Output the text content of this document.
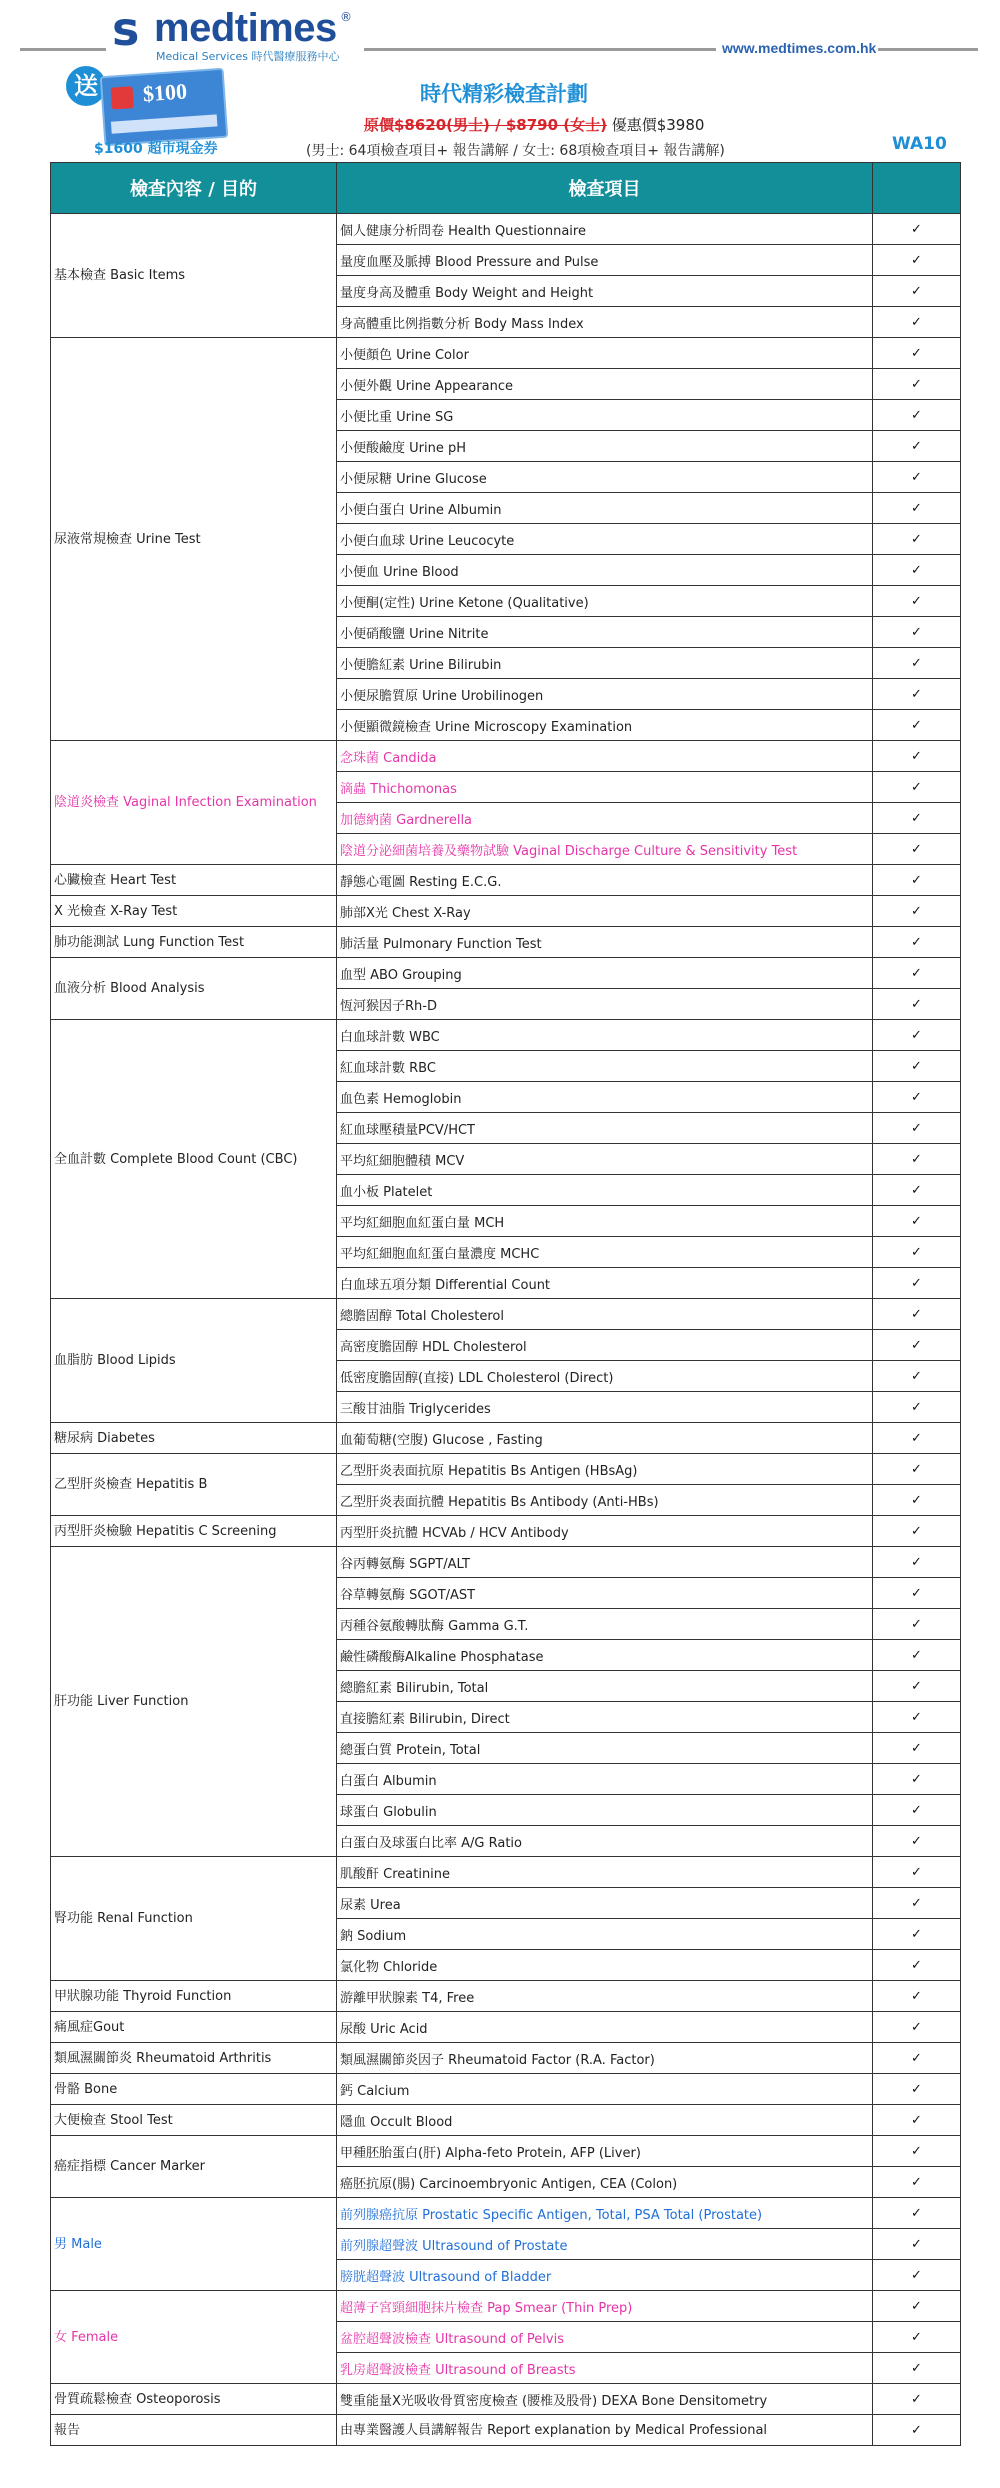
s medtimes ®
Medical Services 時代醫療服務中心
www.medtimes.com.hk
送	$100
$1600 超市現金券
時代精彩檢查計劃
原價$8620(男士) / $8790 (女士) 優惠價$3980
(男士: 64項檢查項目+ 報告講解 / 女士: 68項檢查項目+ 報告講解)	WA10
檢查內容 / 目的	檢查項目	
基本檢查 Basic Items	個人健康分析問卷 Health Questionnaire	✓
	量度血壓及脈搏 Blood Pressure and Pulse	✓
	量度身高及體重 Body Weight and Height	✓
	身高體重比例指數分析 Body Mass Index	✓
尿液常規檢查 Urine Test	小便顏色 Urine Color	✓
	小便外觀 Urine Appearance	✓
	小便比重 Urine SG	✓
	小便酸鹼度 Urine pH	✓
	小便尿糖 Urine Glucose	✓
	小便白蛋白 Urine Albumin	✓
	小便白血球 Urine Leucocyte	✓
	小便血 Urine Blood	✓
	小便酮(定性) Urine Ketone (Qualitative)	✓
	小便硝酸鹽 Urine Nitrite	✓
	小便膽紅素 Urine Bilirubin	✓
	小便尿膽質原 Urine Urobilinogen	✓
	小便顯微鏡檢查 Urine Microscopy Examination	✓
陰道炎檢查 Vaginal Infection Examination	念珠菌 Candida	✓
	滴蟲 Thichomonas	✓
	加德納菌 Gardnerella	✓
	陰道分泌細菌培養及藥物試驗 Vaginal Discharge Culture & Sensitivity Test	✓
心臟檢查 Heart Test	靜態心電圖 Resting E.C.G.	✓
X 光檢查 X-Ray Test	肺部X光 Chest X-Ray	✓
肺功能測試 Lung Function Test	肺活量 Pulmonary Function Test	✓
血液分析 Blood Analysis	血型 ABO Grouping	✓
	恆河猴因子Rh-D	✓
全血計數 Complete Blood Count (CBC)	白血球計數 WBC	✓
	紅血球計數 RBC	✓
	血色素 Hemoglobin	✓
	紅血球壓積量PCV/HCT	✓
	平均紅細胞體積 MCV	✓
	血小板 Platelet	✓
	平均紅細胞血紅蛋白量 MCH	✓
	平均紅細胞血紅蛋白量濃度 MCHC	✓
	白血球五項分類 Differential Count	✓
血脂肪 Blood Lipids	總膽固醇 Total Cholesterol	✓
	高密度膽固醇 HDL Cholesterol	✓
	低密度膽固醇(直接) LDL Cholesterol (Direct)	✓
	三酸甘油脂 Triglycerides	✓
糖尿病 Diabetes	血葡萄糖(空腹) Glucose , Fasting	✓
乙型肝炎檢查 Hepatitis B	乙型肝炎表面抗原 Hepatitis Bs Antigen (HBsAg)	✓
	乙型肝炎表面抗體 Hepatitis Bs Antibody (Anti-HBs)	✓
丙型肝炎檢驗 Hepatitis C Screening	丙型肝炎抗體 HCVAb / HCV Antibody	✓
肝功能 Liver Function	谷丙轉氨酶 SGPT/ALT	✓
	谷草轉氨酶 SGOT/AST	✓
	丙種谷氨酸轉肽酶 Gamma G.T.	✓
	鹼性磷酸酶Alkaline Phosphatase	✓
	總膽紅素 Bilirubin, Total	✓
	直接膽紅素 Bilirubin, Direct	✓
	總蛋白質 Protein, Total	✓
	白蛋白 Albumin	✓
	球蛋白 Globulin	✓
	白蛋白及球蛋白比率 A/G Ratio	✓
腎功能 Renal Function	肌酸酐 Creatinine	✓
	尿素 Urea	✓
	鈉 Sodium	✓
	氯化物 Chloride	✓
甲狀腺功能 Thyroid Function	游離甲狀腺素 T4, Free	✓
痛風症Gout	尿酸 Uric Acid	✓
類風濕關節炎 Rheumatoid Arthritis	類風濕關節炎因子 Rheumatoid Factor (R.A. Factor)	✓
骨骼 Bone	鈣 Calcium	✓
大便檢查 Stool Test	隱血 Occult Blood	✓
癌症指標 Cancer Marker	甲種胚胎蛋白(肝) Alpha-feto Protein, AFP (Liver)	✓
	癌胚抗原(腸) Carcinoembryonic Antigen, CEA (Colon)	✓
男 Male	前列腺癌抗原 Prostatic Specific Antigen, Total, PSA Total (Prostate)	✓
	前列腺超聲波 Ultrasound of Prostate	✓
	膀胱超聲波 Ultrasound of Bladder	✓
女 Female	超薄子宮頸細胞抹片檢查 Pap Smear (Thin Prep)	✓
	盆腔超聲波檢查 Ultrasound of Pelvis	✓
	乳房超聲波檢查 Ultrasound of Breasts	✓
骨質疏鬆檢查 Osteoporosis	雙重能量X光吸收骨質密度檢查 (腰椎及股骨) DEXA Bone Densitometry	✓
報告	由專業醫護人員講解報告 Report explanation by Medical Professional	✓
